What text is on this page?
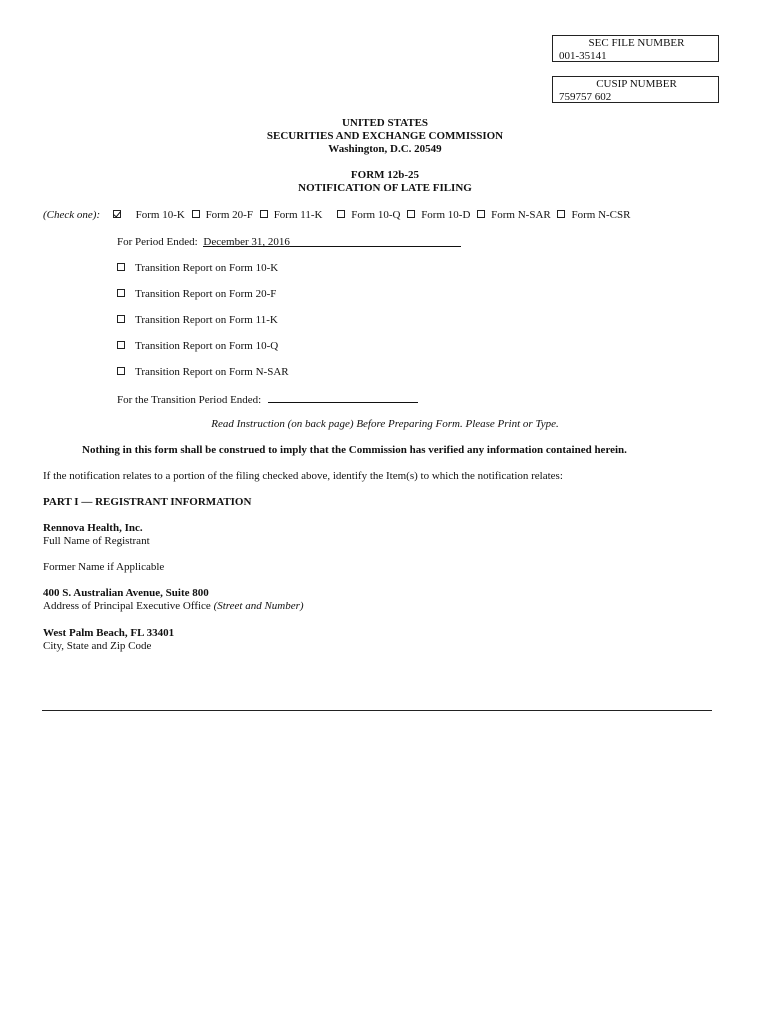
SEC FILE NUMBER
001-35141
CUSIP NUMBER
759757 602
UNITED STATES
SECURITIES AND EXCHANGE COMMISSION
Washington, D.C. 20549
FORM 12b-25
NOTIFICATION OF LATE FILING
(Check one):	Form 10-K Form 20-F Form 11-K	Form 10-Q Form 10-D Form N-SAR Form N-CSR
For Period Ended: December 31, 2016
Transition Report on Form 10-K
Transition Report on Form 20-F
Transition Report on Form 11-K
Transition Report on Form 10-Q
Transition Report on Form N-SAR
For the Transition Period Ended:
Read Instruction (on back page) Before Preparing Form. Please Print or Type.
Nothing in this form shall be construed to imply that the Commission has verified any information contained herein.
If the notification relates to a portion of the filing checked above, identify the Item(s) to which the notification relates:
PART I — REGISTRANT INFORMATION
Rennova Health, Inc.
Full Name of Registrant
Former Name if Applicable
400 S. Australian Avenue, Suite 800
Address of Principal Executive Office (Street and Number)
West Palm Beach, FL 33401
City, State and Zip Code
